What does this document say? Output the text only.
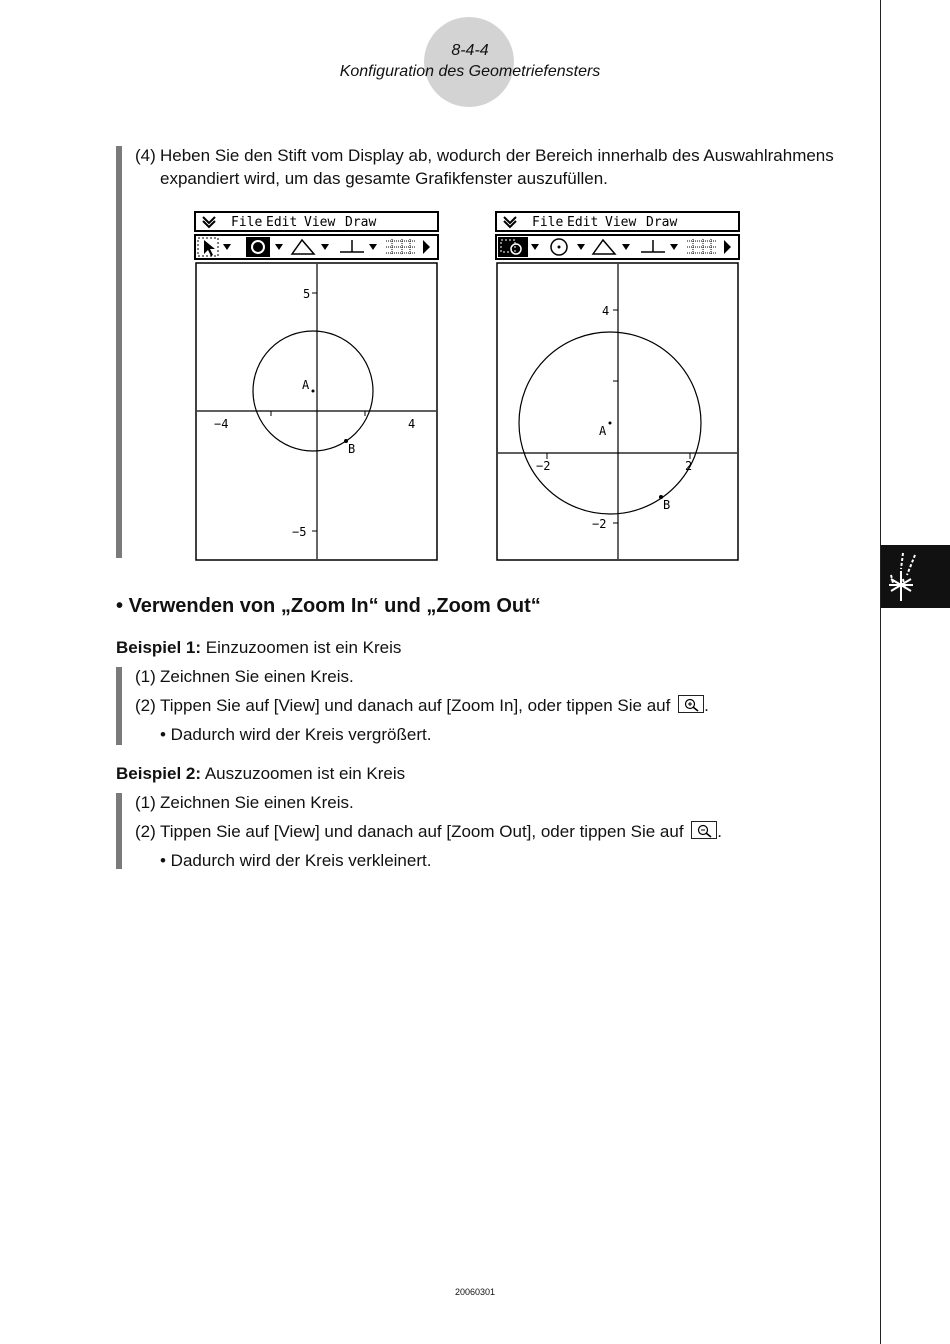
8-4-4
Konfiguration des Geometriefensters
(4) Heben Sie den Stift vom Display ab, wodurch der Bereich innerhalb des Auswahlrahmens
expandiert wird, um das gesamte Grafikfenster auszufüllen.
File Edit View Draw
5
−5
−4	4
A
B
File Edit View Draw
4
−2
−2	2
A
B
• Verwenden von „Zoom In“ und „Zoom Out“
Beispiel 1: Einzuzoomen ist ein Kreis
(1) Zeichnen Sie einen Kreis.
(2) Tippen Sie auf [View] und danach auf [Zoom In], oder tippen Sie auf .
• Dadurch wird der Kreis vergrößert.
Beispiel 2: Auszuzoomen ist ein Kreis
(1) Zeichnen Sie einen Kreis.
(2) Tippen Sie auf [View] und danach auf [Zoom Out], oder tippen Sie auf .
• Dadurch wird der Kreis verkleinert.
20060301
